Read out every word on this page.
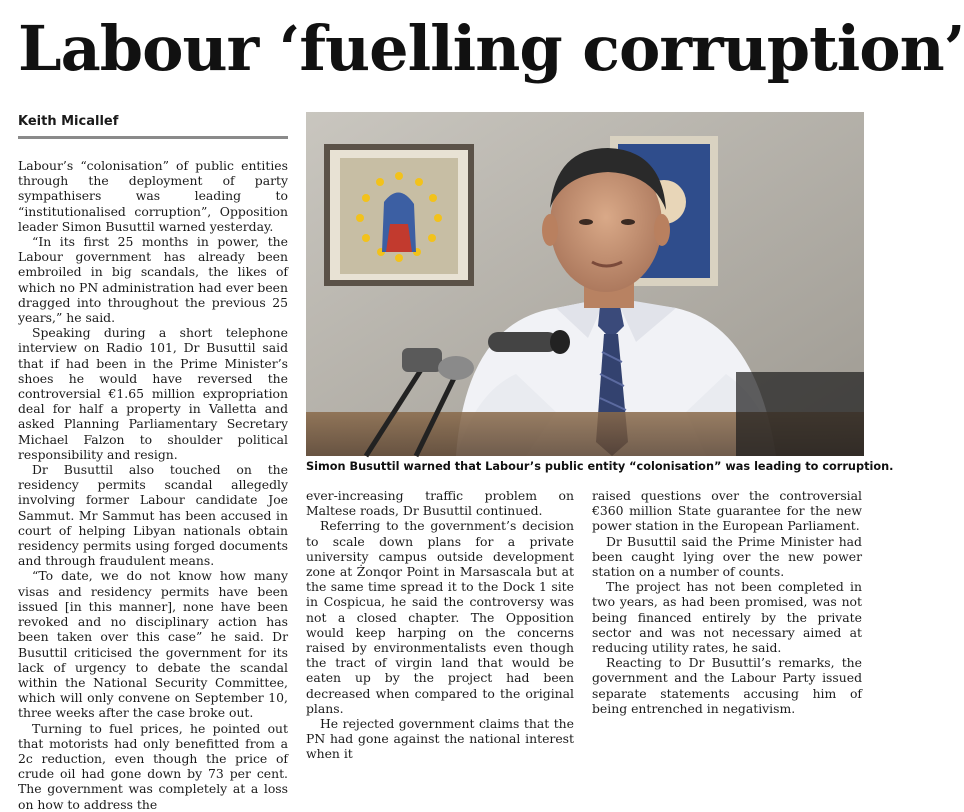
Labour ‘fuelling corruption’
Keith Micallef

Labour’s “colonisation” of public entities through the deployment of party sympathisers was leading to “institutionalised corruption”, Opposition leader Simon Busuttil warned yesterday.

“In its first 25 months in power, the Labour government has already been embroiled in big scandals, the likes of which no PN administration had ever been dragged into throughout the previous 25 years,” he said.

Speaking during a short telephone interview on Radio 101, Dr Busuttil said that if had been in the Prime Minister’s shoes he would have reversed the controversial €1.65 million expropriation deal for half a property in Valletta and asked Planning Parliamentary Secretary Michael Falzon to shoulder political responsibility and resign.

Dr Busuttil also touched on the residency permits scandal allegedly involving former Labour candidate Joe Sammut. Mr Sammut has been accused in court of helping Libyan nationals obtain residency permits using forged documents and through fraudulent means.

“To date, we do not know how many visas and residency permits have been issued [in this manner], none have been revoked and no disciplinary action has been taken over this case” he said. Dr Busuttil criticised the government for its lack of urgency to debate the scandal within the National Security Committee, which will only convene on September 10, three weeks after the case broke out.

Turning to fuel prices, he pointed out that motorists had only benefitted from a 2c reduction, even though the price of crude oil had gone down by 73 per cent. The government was completely at a loss on how to address the

Simon Busuttil warned that Labour’s public entity “colonisation” was leading to corruption.

ever-increasing traffic problem on Maltese roads, Dr Busuttil continued.

Referring to the government’s decision to scale down plans for a private university campus outside development zone at Żonqor Point in Marsascala but at the same time spread it to the Dock 1 site in Cospicua, he said the controversy was not a closed chapter. The Opposition would keep harping on the concerns raised by environmentalists even though the tract of virgin land that would be eaten up by the project had been decreased when compared to the original plans.

He rejected government claims that the PN had gone against the national interest when it

raised questions over the controversial €360 million State guarantee for the new power station in the European Parliament.

Dr Busuttil said the Prime Minister had been caught lying over the new power station on a number of counts.

The project has not been completed in two years, as had been promised, was not being financed entirely by the private sector and was not necessary aimed at reducing utility rates, he said.

Reacting to Dr Busuttil’s remarks, the government and the Labour Party issued separate statements accusing him of being entrenched in negativism.
